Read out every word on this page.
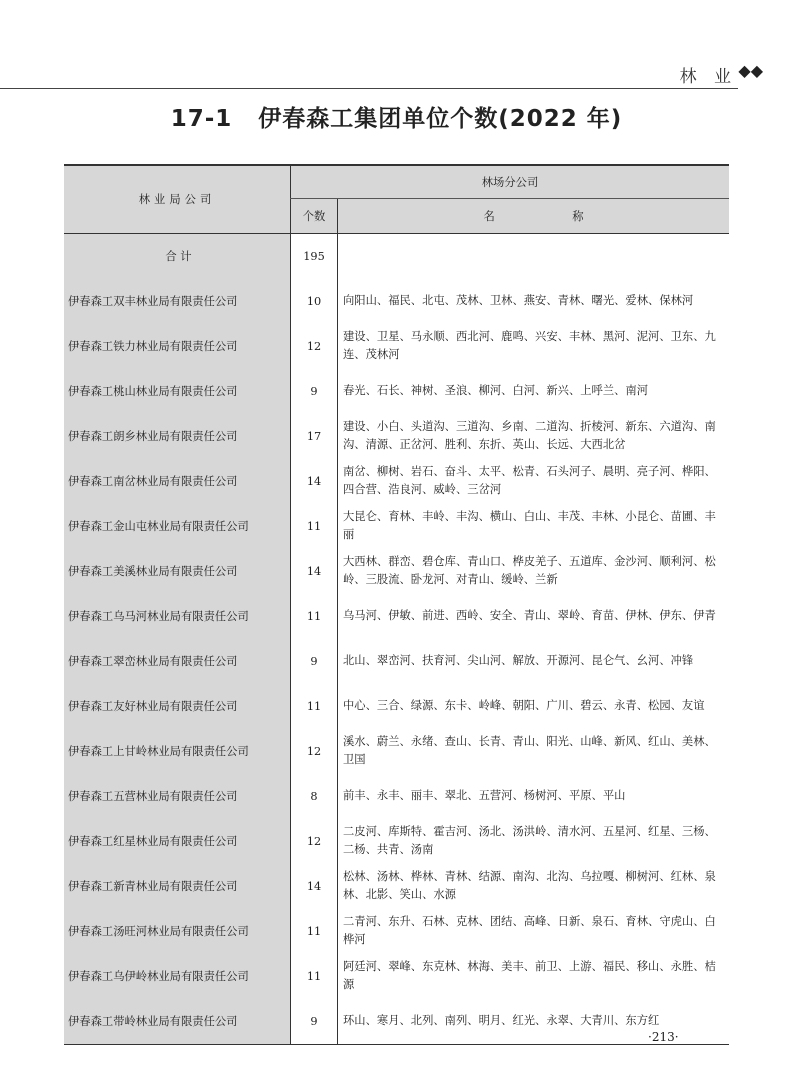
林 业 ◆◆
17-1 伊春森工集团单位个数(2022 年)
林业局公司	林场分公司	
	个数	名称
合 计	195	
伊春森工双丰林业局有限责任公司	10	向阳山、福民、北屯、茂林、卫林、燕安、青林、曙光、爱林、保林河
伊春森工铁力林业局有限责任公司	12	建设、卫星、马永顺、西北河、鹿鸣、兴安、丰林、黑河、泥河、卫东、九连、茂林河
伊春森工桃山林业局有限责任公司	9	春光、石长、神树、圣浪、柳河、白河、新兴、上呼兰、南河
伊春森工朗乡林业局有限责任公司	17	建设、小白、头道沟、三道沟、乡南、二道沟、折棱河、新东、六道沟、南沟、清源、正岔河、胜利、东折、英山、长远、大西北岔
伊春森工南岔林业局有限责任公司	14	南岔、柳树、岩石、奋斗、太平、松青、石头河子、晨明、亮子河、桦阳、四合营、浩良河、威岭、三岔河
伊春森工金山屯林业局有限责任公司	11	大昆仑、育林、丰岭、丰沟、横山、白山、丰茂、丰林、小昆仑、苗圃、丰丽
伊春森工美溪林业局有限责任公司	14	大西林、群峦、碧仓库、青山口、桦皮羌子、五道库、金沙河、顺利河、松岭、三股流、卧龙河、对青山、缓岭、兰新
伊春森工乌马河林业局有限责任公司	11	乌马河、伊敏、前进、西岭、安全、青山、翠岭、育苗、伊林、伊东、伊青
伊春森工翠峦林业局有限责任公司	9	北山、翠峦河、扶育河、尖山河、解放、开源河、昆仑气、幺河、冲锋
伊春森工友好林业局有限责任公司	11	中心、三合、绿源、东卡、岭峰、朝阳、广川、碧云、永青、松园、友谊
伊春森工上甘岭林业局有限责任公司	12	溪水、蔚兰、永绪、查山、长青、青山、阳光、山峰、新风、红山、美林、卫国
伊春森工五营林业局有限责任公司	8	前丰、永丰、丽丰、翠北、五营河、杨树河、平原、平山
伊春森工红星林业局有限责任公司	12	二皮河、库斯特、霍吉河、汤北、汤洪岭、清水河、五星河、红星、三杨、二杨、共青、汤南
伊春森工新青林业局有限责任公司	14	松林、汤林、桦林、青林、结源、南沟、北沟、乌拉嘎、柳树河、红林、泉林、北影、笑山、水源
伊春森工汤旺河林业局有限责任公司	11	二青河、东升、石林、克林、团结、高峰、日新、泉石、育林、守虎山、白桦河
伊春森工乌伊岭林业局有限责任公司	11	阿廷河、翠峰、东克林、林海、美丰、前卫、上游、福民、移山、永胜、桔源
伊春森工带岭林业局有限责任公司	9	环山、寒月、北列、南列、明月、红光、永翠、大青川、东方红
·213·
